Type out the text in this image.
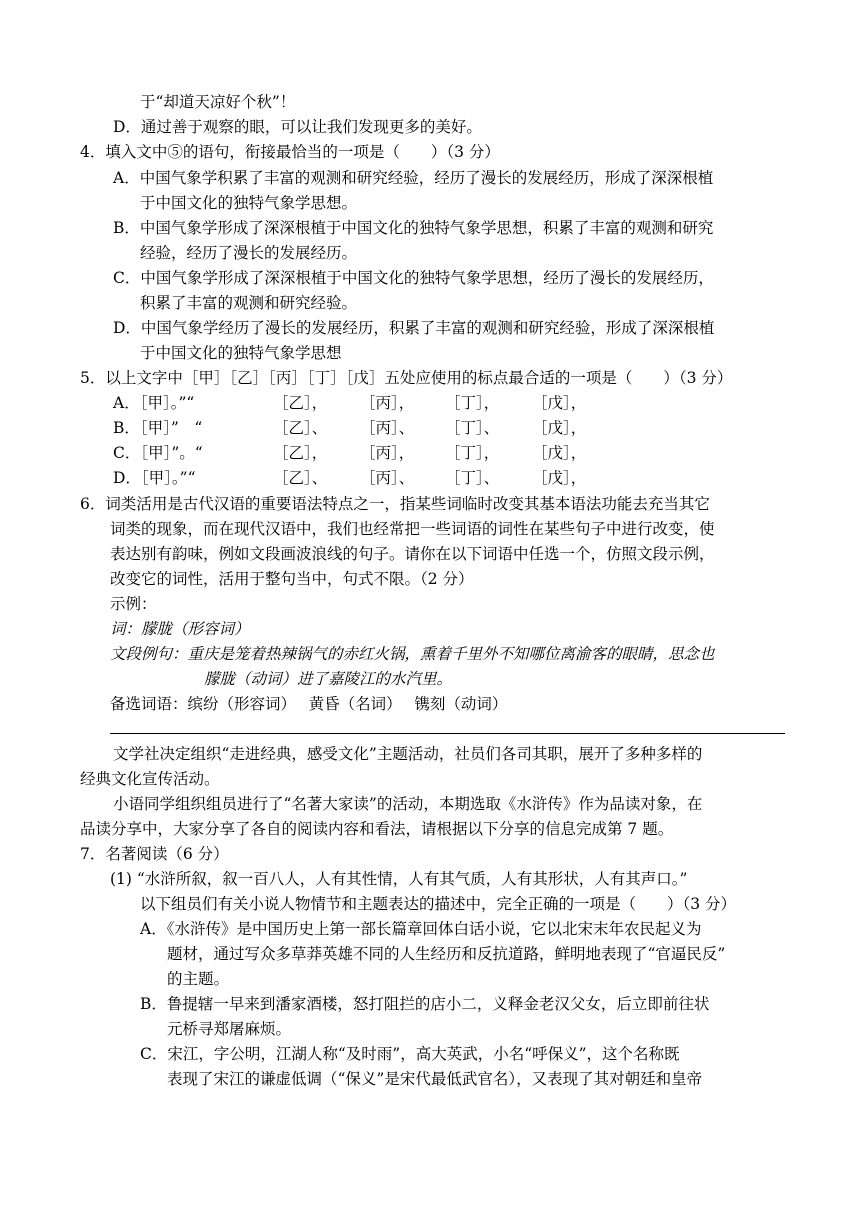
于“却道天凉好个秋”！
D．通过善于观察的眼，可以让我们发现更多的美好。
4．填入文中⑤的语句，衔接最恰当的一项是（　　）（3 分）
A．中国气象学积累了丰富的观测和研究经验，经历了漫长的发展经历，形成了深深根植
于中国文化的独特气象学思想。
B．中国气象学形成了深深根植于中国文化的独特气象学思想，积累了丰富的观测和研究
经验，经历了漫长的发展经历。
C．中国气象学形成了深深根植于中国文化的独特气象学思想，经历了漫长的发展经历，
积累了丰富的观测和研究经验。
D．中国气象学经历了漫长的发展经历，积累了丰富的观测和研究经验，形成了深深根植
于中国文化的独特气象学思想
5．以上文字中［甲］［乙］［丙］［丁］［戊］五处应使用的标点最合适的一项是（　　）（3 分）
A．［甲］。”“	［乙］， ［丙］， ［丁］， ［戊］，
B．［甲］”　“	［乙］、 ［丙］、 ［丁］、 ［戊］，
C．［甲］”。“	［乙］， ［丙］， ［丁］， ［戊］，
D．［甲］。”“	［乙］、 ［丙］、 ［丁］、 ［戊］，
6．词类活用是古代汉语的重要语法特点之一，指某些词临时改变其基本语法功能去充当其它
词类的现象，而在现代汉语中，我们也经常把一些词语的词性在某些句子中进行改变，使
表达别有韵味，例如文段画波浪线的句子。请你在以下词语中任选一个，仿照文段示例，
改变它的词性，活用于整句当中，句式不限。（2 分）
示例：
词：朦胧（形容词）
文段例句：重庆是笼着热辣锅气的赤红火锅，熏着千里外不知哪位离渝客的眼睛，思念也
朦胧（动词）进了嘉陵江的水汽里。
备选词语：缤纷（形容词）　 黄昏（名词）　 镌刻（动词）
文学社决定组织“走进经典，感受文化”主题活动，社员们各司其职，展开了多种多样的
经典文化宣传活动。
小语同学组织组员进行了“名著大家读”的活动，本期选取《水浒传》作为品读对象，在
品读分享中，大家分享了各自的阅读内容和看法，请根据以下分享的信息完成第 7 题。
7．名著阅读（6 分）
(1) “水浒所叙，叙一百八人，人有其性情，人有其气质，人有其形状，人有其声口。”
以下组员们有关小说人物情节和主题表达的描述中，完全正确的一项是（　　）（3 分）
A．《水浒传》是中国历史上第一部长篇章回体白话小说，它以北宋末年农民起义为
题材，通过写众多草莽英雄不同的人生经历和反抗道路，鲜明地表现了“官逼民反”
的主题。
B．鲁提辖一早来到潘家酒楼，怒打阻拦的店小二，义释金老汉父女，后立即前往状
元桥寻郑屠麻烦。
C．宋江，字公明，江湖人称“及时雨”，高大英武，小名“呼保义”，这个名称既
表现了宋江的谦虚低调（“保义”是宋代最低武官名），又表现了其对朝廷和皇帝
